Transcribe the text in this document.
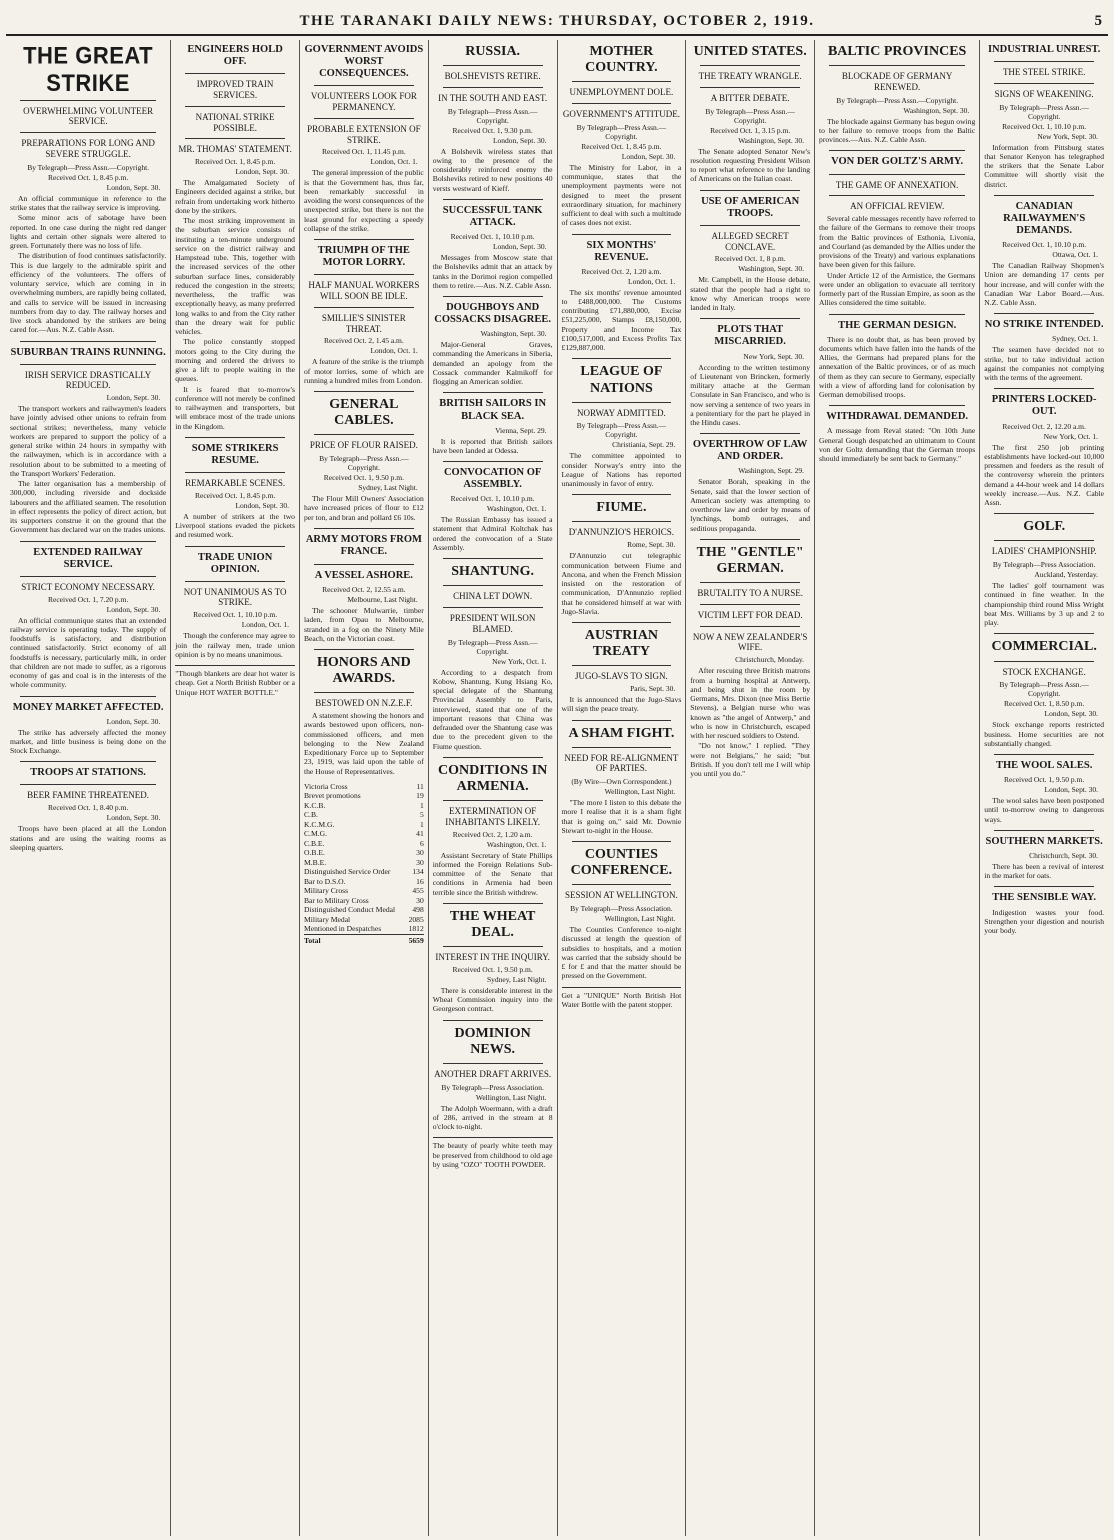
THE TARANAKI DAILY NEWS: THURSDAY, OCTOBER 2, 1919.	5
THE GREAT STRIKE
OVERWHELMING VOLUNTEER SERVICE.
PREPARATIONS FOR LONG AND SEVERE STRUGGLE.
By Telegraph—Press Assn.—Copyright.
Received Oct. 1, 8.45 p.m.
London, Sept. 30.

An official communique in reference to the strike states that the railway service is improving.

Some minor acts of sabotage have been reported. In one case during the night red danger lights and certain other signals were altered to green. Fortunately there was no loss of life.

The distribution of food continues satisfactorily. This is due largely to the admirable spirit and efficiency of the volunteers. The offers of voluntary service, which are coming in in overwhelming numbers, are rapidly being collated, and calls to service will be issued in increasing numbers from day to day. The railway horses and live stock abandoned by the strikers are being cared for.—Aus. N.Z. Cable Assn.

SUBURBAN TRAINS RUNNING.
IRISH SERVICE DRASTICALLY REDUCED.
London, Sept. 30.

The transport workers and railwaymen's leaders have jointly advised other unions to refrain from sectional strikes; nevertheless, many vehicle workers are prepared to support the policy of a general strike within 24 hours in sympathy with the railwaymen, which is in accordance with a resolution about to be submitted to a meeting of the Transport Workers' Federation.

The latter organisation has a membership of 300,000, including riverside and dockside labourers and the affiliated seamen. The resolution in effect represents the policy of direct action, but its supporters construe it on the ground that the Government has declared war on the trades unions.

EXTENDED RAILWAY SERVICE.
STRICT ECONOMY NECESSARY.
Received Oct. 1, 7.20 p.m.
London, Sept. 30.

An official communique states that an extended railway service is operating today. The supply of foodstuffs is satisfactory, and distribution continued satisfactorily. Strict economy of all foodstuffs is necessary, particularly milk, in order that children are not made to suffer, as a rigorous economy of gas and coal is in the interests of the whole community.

MONEY MARKET AFFECTED.
London, Sept. 30.

The strike has adversely affected the money market, and little business is being done on the Stock Exchange.

TROOPS AT STATIONS.
BEER FAMINE THREATENED.
Received Oct. 1, 8.40 p.m.
London, Sept. 30.

Troops have been placed at all the London stations and are using the waiting rooms as sleeping quarters.

ENGINEERS HOLD OFF.
IMPROVED TRAIN SERVICES.
NATIONAL STRIKE POSSIBLE.
MR. THOMAS' STATEMENT.
Received Oct. 1, 8.45 p.m.
London, Sept. 30.

The Amalgamated Society of Engineers decided against a strike, but refrain from undertaking work hitherto done by the strikers.

The most striking improvement in the suburban service consists of instituting a ten-minute underground service on the district railway and Hampstead tube. This, together with the increased services of the other suburban surface lines, considerably reduced the congestion in the streets; nevertheless, the traffic was exceptionally heavy, as many preferred long walks to and from the City rather than the dreary wait for public vehicles.

The police constantly stopped motors going to the City during the morning and ordered the drivers to give a lift to people waiting in the queues.

It is feared that to-morrow's conference will not merely be confined to railwaymen and transporters, but will embrace most of the trade unions in the Kingdom.

SOME STRIKERS RESUME.
REMARKABLE SCENES.
Received Oct. 1, 8.45 p.m.
London, Sept. 30.

A number of strikers at the two Liverpool stations evaded the pickets and resumed work.

TRADE UNION OPINION.
NOT UNANIMOUS AS TO STRIKE.
Received Oct. 1, 10.10 p.m.
London, Oct. 1.

Though the conference may agree to join the railway men, trade union opinion is by no means unanimous.

"Though blankets are dear hot water is cheap. Get a North British Rubber or a Unique HOT WATER BOTTLE."
GOVERNMENT AVOIDS WORST CONSEQUENCES.
VOLUNTEERS LOOK FOR PERMANENCY.
PROBABLE EXTENSION OF STRIKE.
Received Oct. 1, 11.45 p.m.
London, Oct. 1.

The general impression of the public is that the Government has, thus far, been remarkably successful in avoiding the worst consequences of the unexpected strike, but there is not the least ground for expecting a speedy collapse of the strike.

TRIUMPH OF THE MOTOR LORRY.
HALF MANUAL WORKERS WILL SOON BE IDLE.
SMILLIE'S SINISTER THREAT.
Received Oct. 2, 1.45 a.m.
London, Oct. 1.

A feature of the strike is the triumph of motor lorries, some of which are running a hundred miles from London.

GENERAL CABLES.
PRICE OF FLOUR RAISED.
By Telegraph—Press Assn.—Copyright.
Received Oct. 1, 9.50 p.m.
Sydney, Last Night.

The Flour Mill Owners' Association have increased prices of flour to £12 per ton, and bran and pollard £6 10s.

ARMY MOTORS FROM FRANCE.
A VESSEL ASHORE.
Received Oct. 2, 12.55 a.m.
Melbourne, Last Night.

The schooner Mulwarrie, timber laden, from Opau to Melbourne, stranded in a fog on the Ninety Mile Beach, on the Victorian coast.

HONORS AND AWARDS.
BESTOWED ON N.Z.E.F.

A statement showing the honors and awards bestowed upon officers, non-commissioned officers, and men belonging to the New Zealand Expeditionary Force up to September 23, 1919, was laid upon the table of the House of Representatives.

Victoria Cross	11
Brevet promotions	19
K.C.B.	1
C.B.	5
K.C.M.G.	1
C.M.G.	41
C.B.E.	6
O.B.E.	30
M.B.E.	30
Distinguished Service Order	134
Bar to D.S.O.	16
Military Cross	455
Bar to Military Cross	30
Distinguished Conduct Medal	498
Military Medal	2085
Mentioned in Despatches	1812
Total	5659
RUSSIA.
BOLSHEVISTS RETIRE.
IN THE SOUTH AND EAST.
By Telegraph—Press Assn.—Copyright.
Received Oct. 1, 9.30 p.m.
London, Sept. 30.

A Bolshevik wireless states that owing to the presence of the considerably reinforced enemy the Bolsheviks retired to new positions 40 versts westward of Kieff.

SUCCESSFUL TANK ATTACK.
Received Oct. 1, 10.10 p.m.
London, Sept. 30.

Messages from Moscow state that the Bolsheviks admit that an attack by tanks in the Dorimoi region compelled them to retire.—Aus. N.Z. Cable Assn.

DOUGHBOYS AND COSSACKS DISAGREE.
Washington, Sept. 30.

Major-General Graves, commanding the Americans in Siberia, demanded an apology from the Cossack commander Kalmikoff for flogging an American soldier.

BRITISH SAILORS IN BLACK SEA.
Vienna, Sept. 29.

It is reported that British sailors have been landed at Odessa.

CONVOCATION OF ASSEMBLY.
Received Oct. 1, 10.10 p.m.
Washington, Oct. 1.

The Russian Embassy has issued a statement that Admiral Koltchak has ordered the convocation of a State Assembly.

SHANTUNG.
CHINA LET DOWN.
PRESIDENT WILSON BLAMED.
By Telegraph—Press Assn.—Copyright.
New York, Oct. 1.

According to a despatch from Kobow, Shantung, Kung Hsiang Ko, special delegate of the Shantung Provincial Assembly to Paris, interviewed, stated that one of the important reasons that China was defrauded over the Shantung case was due to the precedent given to the Fiume question.

CONDITIONS IN ARMENIA.
EXTERMINATION OF INHABITANTS LIKELY.
Received Oct. 2, 1.20 a.m.
Washington, Oct. 1.

Assistant Secretary of State Phillips informed the Foreign Relations Sub-committee of the Senate that conditions in Armenia had been terrible since the British withdrew.

THE WHEAT DEAL.
INTEREST IN THE INQUIRY.
Received Oct. 1, 9.50 p.m.
Sydney, Last Night.

There is considerable interest in the Wheat Commission inquiry into the Georgeson contract.

DOMINION NEWS.
ANOTHER DRAFT ARRIVES.
By Telegraph—Press Association.
Wellington, Last Night.

The Adolph Woermann, with a draft of 286, arrived in the stream at 8 o'clock to-night.

The beauty of pearly white teeth may be preserved from childhood to old age by using "OZO" TOOTH POWDER.
MOTHER COUNTRY.
UNEMPLOYMENT DOLE.
GOVERNMENT'S ATTITUDE.
By Telegraph—Press Assn.—Copyright.
Received Oct. 1, 8.45 p.m.
London, Sept. 30.

The Ministry for Labor, in a communique, states that the unemployment payments were not designed to meet the present extraordinary situation, for machinery sufficient to deal with such a multitude of cases does not exist.

SIX MONTHS' REVENUE.
Received Oct. 2, 1.20 a.m.
London, Oct. 1.

The six months' revenue amounted to £488,000,000. The Customs contributing £71,880,000, Excise £51,225,000, Stamps £8,150,000, Property and Income Tax £100,517,000, and Excess Profits Tax £129,887,000.

LEAGUE OF NATIONS
NORWAY ADMITTED.
By Telegraph—Press Assn.—Copyright.
Christiania, Sept. 29.

The committee appointed to consider Norway's entry into the League of Nations has reported unanimously in favor of entry.

FIUME.
D'ANNUNZIO'S HEROICS.
Rome, Sept. 30.

D'Annunzio cut telegraphic communication between Fiume and Ancona, and when the French Mission insisted on the restoration of communication, D'Annunzio replied that he considered himself at war with Jugo-Slavia.

AUSTRIAN TREATY
JUGO-SLAVS TO SIGN.
Paris, Sept. 30.

It is announced that the Jugo-Slavs will sign the peace treaty.

A SHAM FIGHT.
NEED FOR RE-ALIGNMENT OF PARTIES.
(By Wire—Own Correspondent.)
Wellington, Last Night.

"The more I listen to this debate the more I realise that it is a sham fight that is going on," said Mr. Downie Stewart to-night in the House.

COUNTIES CONFERENCE.
SESSION AT WELLINGTON.
By Telegraph—Press Association.
Wellington, Last Night.

The Counties Conference to-night discussed at length the question of subsidies to hospitals, and a motion was carried that the subsidy should be £ for £ and that the matter should be pressed on the Government.

Get a "UNIQUE" North British Hot Water Bottle with the patent stopper.
UNITED STATES.
THE TREATY WRANGLE.
A BITTER DEBATE.
By Telegraph—Press Assn.—Copyright.
Received Oct. 1, 3.15 p.m.
Washington, Sept. 30.

The Senate adopted Senator New's resolution requesting President Wilson to report what reference to the landing of Americans on the Italian coast.

USE OF AMERICAN TROOPS.
ALLEGED SECRET CONCLAVE.
Received Oct. 1, 8 p.m.
Washington, Sept. 30.

Mr. Campbell, in the House debate, stated that the people had a right to know why American troops were landed in Italy.

PLOTS THAT MISCARRIED.
New York, Sept. 30.

According to the written testimony of Lieutenant von Brincken, formerly military attache at the German Consulate in San Francisco, and who is now serving a sentence of two years in a penitentiary for the part he played in the Hindu cases.

OVERTHROW OF LAW AND ORDER.
Washington, Sept. 29.

Senator Borah, speaking in the Senate, said that the lower section of American society was attempting to overthrow law and order by means of lynchings, bomb outrages, and seditious propaganda.

THE "GENTLE" GERMAN.
BRUTALITY TO A NURSE.
VICTIM LEFT FOR DEAD.
NOW A NEW ZEALANDER'S WIFE.
Christchurch, Monday.

After rescuing three British matrons from a burning hospital at Antwerp, and being shut in the room by Germans, Mrs. Dixon (nee Miss Bertie Stevens), a Belgian nurse who was known as "the angel of Antwerp," and who is now in Christchurch, escaped with her rescued soldiers to Ostend.

"Do not know," I replied. "They were not Belgians," he said; "but British. If you don't tell me I will whip you until you do."

BALTIC PROVINCES
BLOCKADE OF GERMANY RENEWED.
By Telegraph—Press Assn.—Copyright.
Washington, Sept. 30.

The blockade against Germany has begun owing to her failure to remove troops from the Baltic provinces.—Aus. N.Z. Cable Assn.

VON DER GOLTZ'S ARMY.
THE GAME OF ANNEXATION.
AN OFFICIAL REVIEW.

Several cable messages recently have referred to the failure of the Germans to remove their troops from the Baltic provinces of Esthonia, Livonia, and Courland (as demanded by the Allies under the provisions of the Treaty) and various explanations have been given for this failure.

Under Article 12 of the Armistice, the Germans were under an obligation to evacuate all territory formerly part of the Russian Empire, as soon as the Allies considered the time suitable.

THE GERMAN DESIGN.

There is no doubt that, as has been proved by documents which have fallen into the hands of the Allies, the Germans had prepared plans for the annexation of the Baltic provinces, or of as much of them as they can secure to Germany, especially with a view of affording land for colonisation by German demobilised troops.

WITHDRAWAL DEMANDED.

A message from Reval stated: "On 10th June General Gough despatched an ultimatum to Count von der Goltz demanding that the German troops should immediately be sent back to Germany."

INDUSTRIAL UNREST.
THE STEEL STRIKE.
SIGNS OF WEAKENING.
By Telegraph—Press Assn.—Copyright.
Received Oct. 1, 10.10 p.m.
New York, Sept. 30.

Information from Pittsburg states that Senator Kenyon has telegraphed the strikers that the Senate Labor Committee will shortly visit the district.

CANADIAN RAILWAYMEN'S DEMANDS.
Received Oct. 1, 10.10 p.m.
Ottawa, Oct. 1.

The Canadian Railway Shopmen's Union are demanding 17 cents per hour increase, and will confer with the Canadian War Labor Board.—Aus. N.Z. Cable Assn.

NO STRIKE INTENDED.
Sydney, Oct. 1.

The seamen have decided not to strike, but to take individual action against the companies not complying with the terms of the agreement.

PRINTERS LOCKED-OUT.
Received Oct. 2, 12.20 a.m.
New York, Oct. 1.

The first 250 job printing establishments have locked-out 10,000 pressmen and feeders as the result of the controversy wherein the printers demand a 44-hour week and 14 dollars weekly increase.—Aus. N.Z. Cable Assn.

GOLF.
LADIES' CHAMPIONSHIP.
By Telegraph—Press Association.
Auckland, Yesterday.

The ladies' golf tournament was continued in fine weather. In the championship third round Miss Wright beat Mrs. Williams by 3 up and 2 to play.

COMMERCIAL.
STOCK EXCHANGE.
By Telegraph—Press Assn.—Copyright.
Received Oct. 1, 8.50 p.m.
London, Sept. 30.

Stock exchange reports restricted business. Home securities are not substantially changed.

THE WOOL SALES.
Received Oct. 1, 9.50 p.m.
London, Sept. 30.

The wool sales have been postponed until to-morrow owing to dangerous ways.

SOUTHERN MARKETS.
Christchurch, Sept. 30.

There has been a revival of interest in the market for oats.

THE SENSIBLE WAY.

Indigestion wastes your food. Strengthen your digestion and nourish your body.
